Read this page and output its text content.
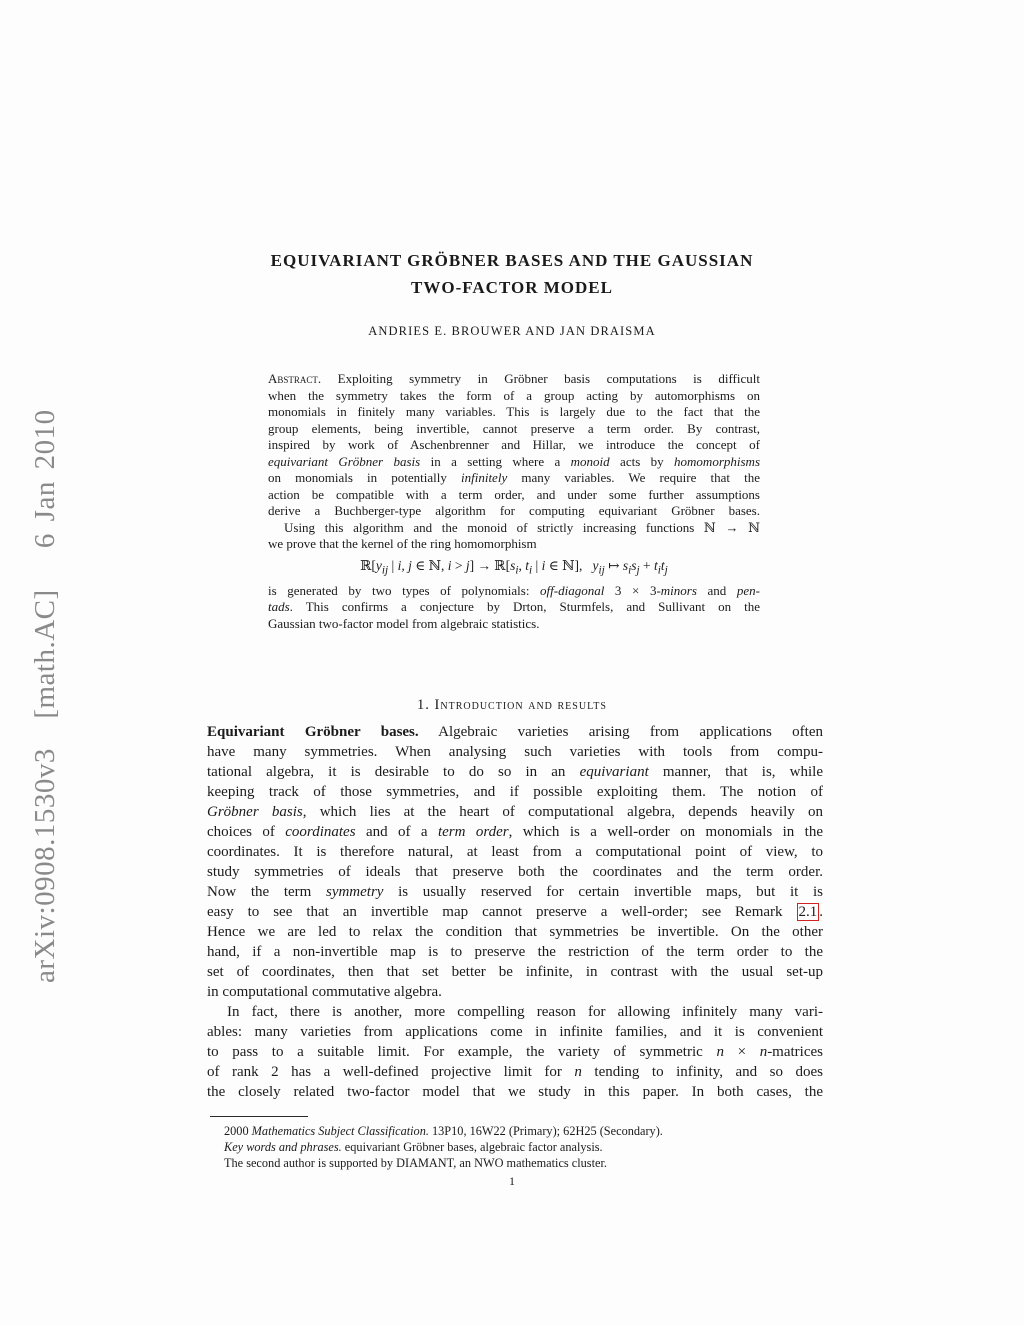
arXiv:0908.1530v3 [math.AC]  6 Jan 2010
EQUIVARIANT GRÖBNER BASES AND THE GAUSSIAN
TWO-FACTOR MODEL
ANDRIES E. BROUWER AND JAN DRAISMA
Abstract. Exploiting symmetry in Gröbner basis computations is difficult
when the symmetry takes the form of a group acting by automorphisms on
monomials in finitely many variables. This is largely due to the fact that the
group elements, being invertible, cannot preserve a term order. By contrast,
inspired by work of Aschenbrenner and Hillar, we introduce the concept of
equivariant Gröbner basis in a setting where a monoid acts by homomorphisms
on monomials in potentially infinitely many variables. We require that the
action be compatible with a term order, and under some further assumptions
derive a Buchberger-type algorithm for computing equivariant Gröbner bases.
Using this algorithm and the monoid of strictly increasing functions ℕ → ℕ
we prove that the kernel of the ring homomorphism
$ℝ[y_{ij}$ | i, j ∈ ℕ, $i > j] \to ℝ[s_i$, $t_i$ | i ∈ ℕ],  $y_{ij}$ ↦ $s_is_j + t_it_j$
is generated by two types of polynomials: off-diagonal 3 × 3-minors and pen-
tads. This confirms a conjecture by Drton, Sturmfels, and Sullivant on the
Gaussian two-factor model from algebraic statistics.
1. Introduction and results
Equivariant Gröbner bases. Algebraic varieties arising from applications often
have many symmetries. When analysing such varieties with tools from compu-
tational algebra, it is desirable to do so in an equivariant manner, that is, while
keeping track of those symmetries, and if possible exploiting them. The notion of
Gröbner basis, which lies at the heart of computational algebra, depends heavily on
choices of coordinates and of a term order, which is a well-order on monomials in the
coordinates. It is therefore natural, at least from a computational point of view, to
study symmetries of ideals that preserve both the coordinates and the term order.
Now the term symmetry is usually reserved for certain invertible maps, but it is
easy to see that an invertible map cannot preserve a well-order; see Remark 2.1 .
Hence we are led to relax the condition that symmetries be invertible. On the other
hand, if a non-invertible map is to preserve the restriction of the term order to the
set of coordinates, then that set better be infinite, in contrast with the usual set-up
in computational commutative algebra.
In fact, there is another, more compelling reason for allowing infinitely many vari-
ables: many varieties from applications come in infinite families, and it is convenient
to pass to a suitable limit. For example, the variety of symmetric n × n-matrices
of rank 2 has a well-defined projective limit for n tending to infinity, and so does
the closely related two-factor model that we study in this paper. In both cases, the
2000 Mathematics Subject Classification. 13P10, 16W22 (Primary); 62H25 (Secondary).
Key words and phrases. equivariant Gröbner bases, algebraic factor analysis.
The second author is supported by DIAMANT, an NWO mathematics cluster.
1
